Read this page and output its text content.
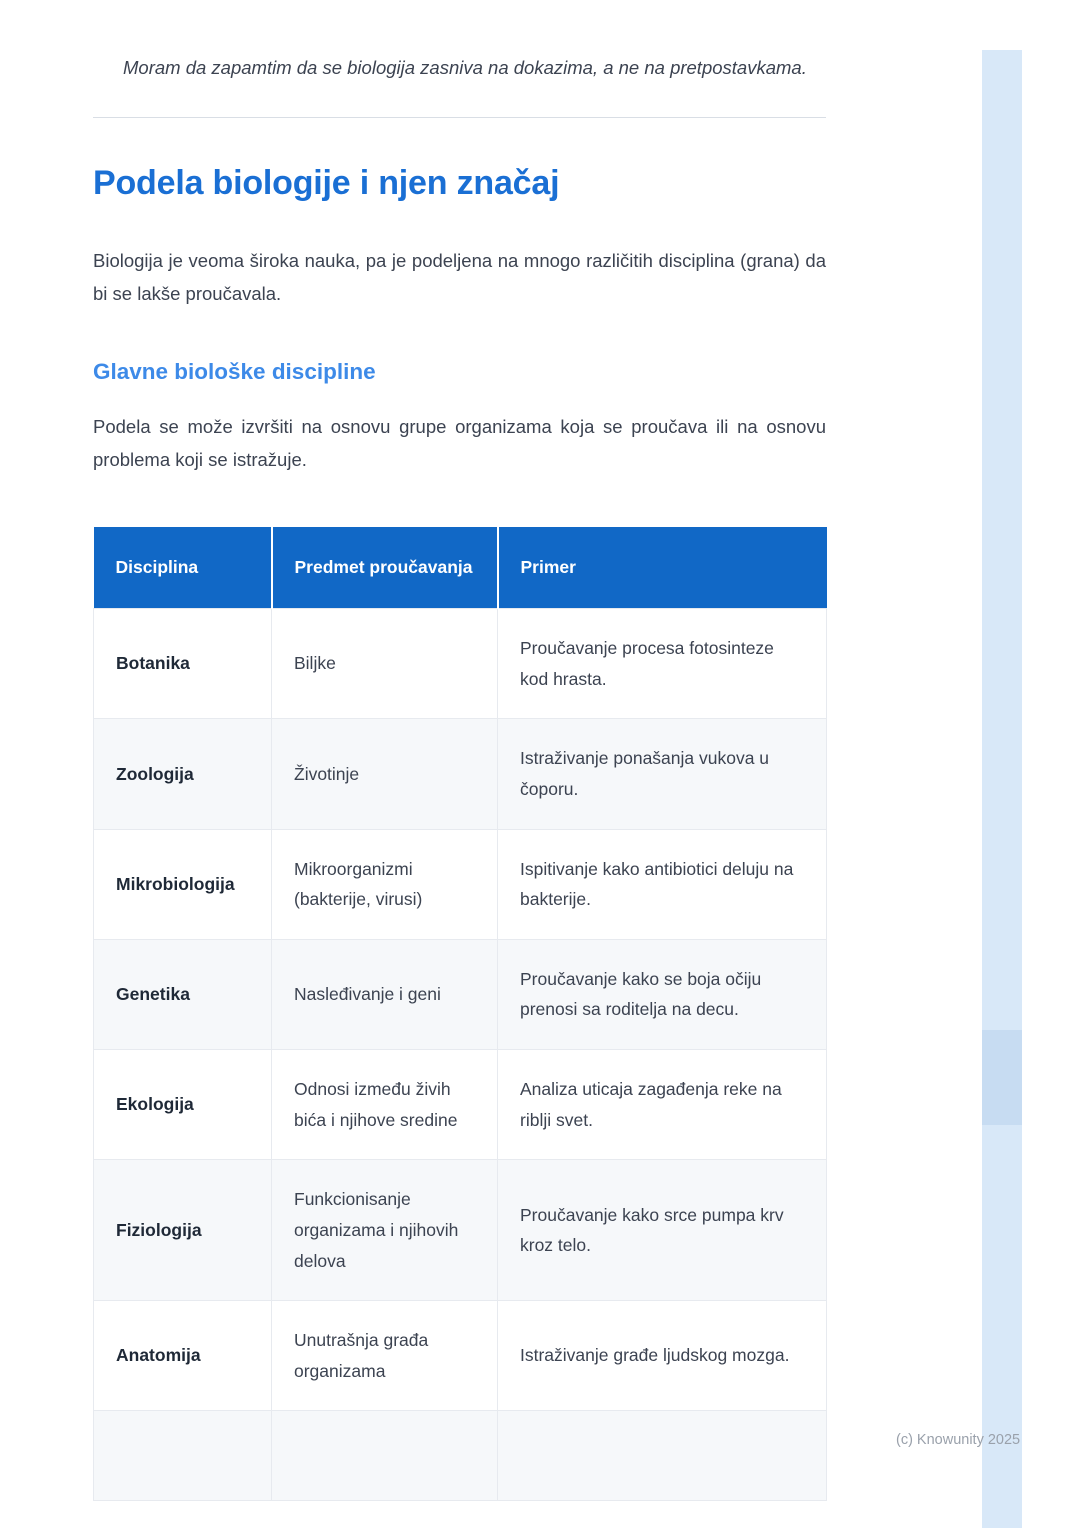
Moram da zapamtim da se biologija zasniva na dokazima, a ne na pretpostavkama.

Podela biologije i njen značaj

Biologija je veoma široka nauka, pa je podeljena na mnogo različitih disciplina (grana) da bi se lakše proučavala.

Glavne biološke discipline

Podela se može izvršiti na osnovu grupe organizama koja se proučava ili na osnovu problema koji se istražuje.

Disciplina	Predmet proučavanja	Primer
Botanika	Biljke	Proučavanje procesa fotosinteze kod hrasta.
Zoologija	Životinje	Istraživanje ponašanja vukova u čoporu.
Mikrobiologija	Mikroorganizmi (bakterije, virusi)	Ispitivanje kako antibiotici deluju na bakterije.
Genetika	Nasleđivanje i geni	Proučavanje kako se boja očiju prenosi sa roditelja na decu.
Ekologija	Odnosi između živih bića i njihove sredine	Analiza uticaja zagađenja reke na riblji svet.
Fiziologija	Funkcionisanje organizama i njihovih delova	Proučavanje kako srce pumpa krv kroz telo.
Anatomija	Unutrašnja građa organizama	Istraživanje građe ljudskog mozga.

(c) Knowunity 2025
